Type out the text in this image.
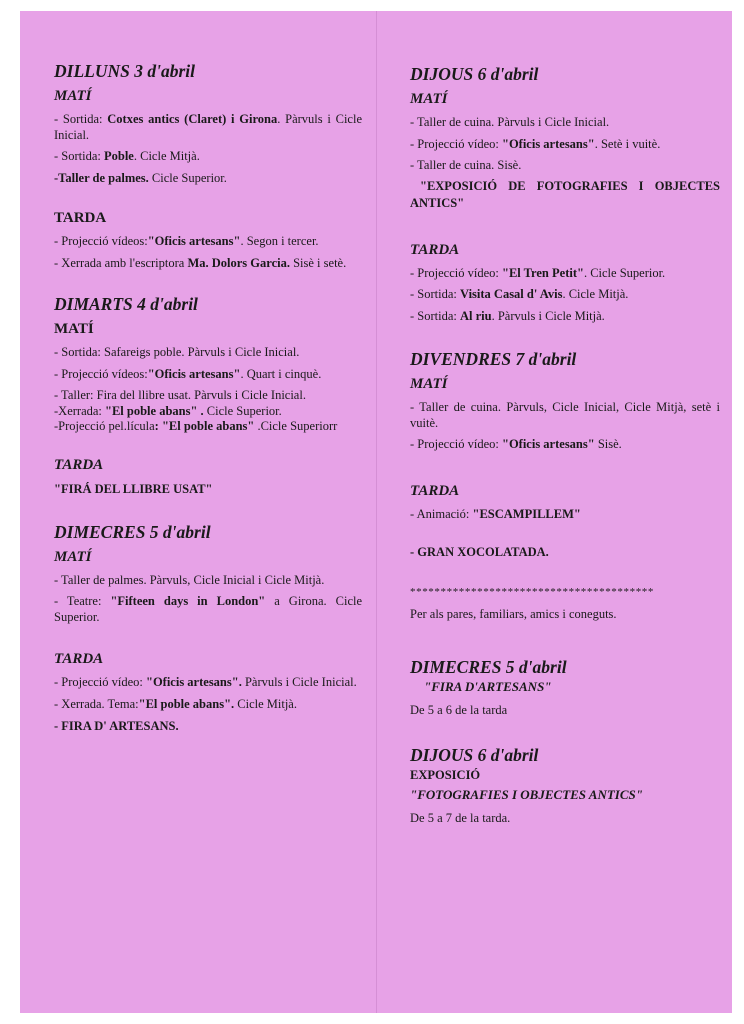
DILLUNS 3 d'abril
MATÍ

- Sortida: Cotxes antics (Claret) i Girona. Pàrvuls i Cicle Inicial.

- Sortida: Poble. Cicle Mitjà.

-Taller de palmes. Cicle Superior.

TARDA

- Projecció vídeos:"Oficis artesans". Segon i tercer.

- Xerrada amb l'escriptora Ma. Dolors Garcia. Sisè i setè.

DIMARTS 4 d'abril
MATÍ

- Sortida: Safareigs poble. Pàrvuls i Cicle Inicial.

- Projecció vídeos:"Oficis artesans". Quart i cinquè.

- Taller: Fira del llibre usat. Pàrvuls i Cicle Inicial.

-Xerrada: "El poble abans" . Cicle Superior.

-Projecció pel.lícula: "El poble abans" .Cicle Superiorr

TARDA

"FIRÁ DEL LLIBRE USAT"

DIMECRES 5 d'abril
MATÍ

- Taller de palmes. Pàrvuls, Cicle Inicial i Cicle Mitjà.

- Teatre: "Fifteen days in London" a Girona. Cicle Superior.

TARDA

- Projecció vídeo: "Oficis artesans". Pàrvuls i Cicle Inicial.

- Xerrada. Tema:"El poble abans". Cicle Mitjà.

- FIRA D' ARTESANS.

DIJOUS 6 d'abril
MATÍ

- Taller de cuina. Pàrvuls i Cicle Inicial.

- Projecció vídeo: "Oficis artesans". Setè i vuitè.

- Taller de cuina. Sisè.

"EXPOSICIÓ DE FOTOGRAFIES I OBJECTES ANTICS"

TARDA

- Projecció vídeo: "El Tren Petit". Cicle Superior.

- Sortida: Visita Casal d' Avis. Cicle Mitjà.

- Sortida: Al riu. Pàrvuls i Cicle Mitjà.

DIVENDRES 7 d'abril
MATÍ

- Taller de cuina. Pàrvuls, Cicle Inicial, Cicle Mitjà, setè i vuitè.

- Projecció vídeo: "Oficis artesans" Sisè.

TARDA

- Animació: "ESCAMPILLEM"

- GRAN XOCOLATADA.

****************************************

Per als pares, familiars, amics i coneguts.

DIMECRES 5 d'abril

"FIRA D'ARTESANS"

De 5 a 6 de la tarda

DIJOUS 6 d'abril

EXPOSICIÓ

"FOTOGRAFIES I OBJECTES ANTICS"

De 5 a 7 de la tarda.
